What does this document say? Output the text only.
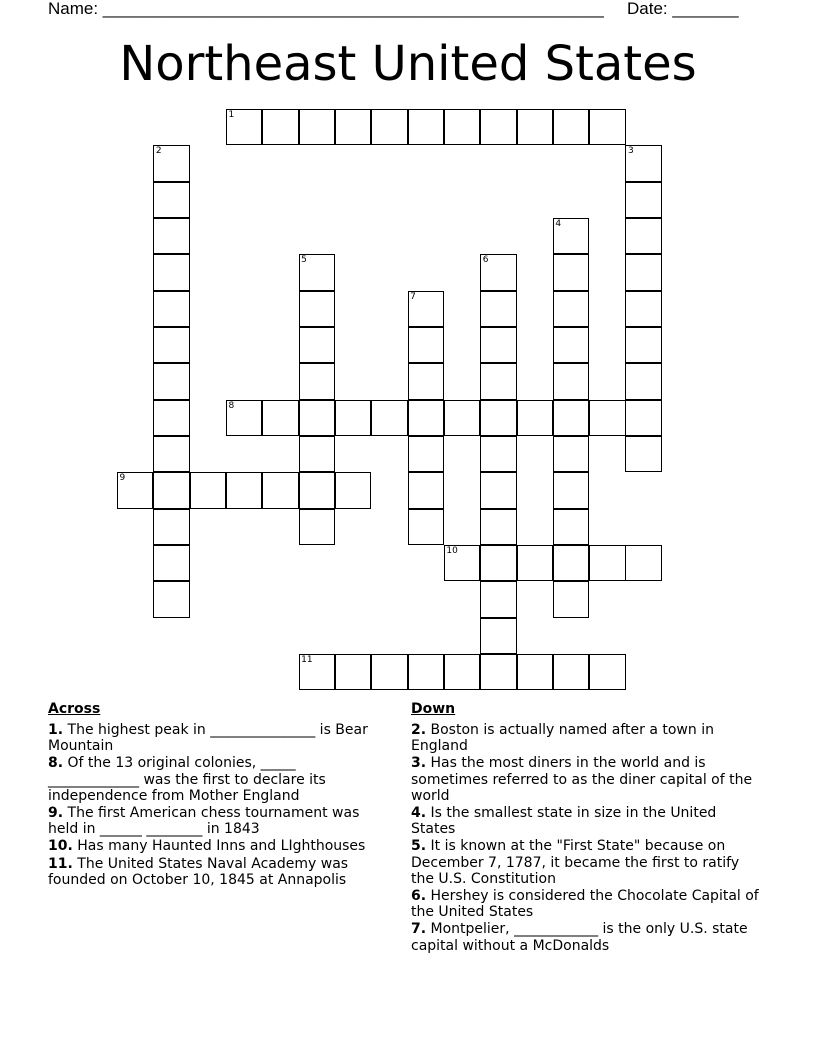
Name: _____________________________________________________ Date: _______
Northeast United States
1
2	3
4
5	6
7
8
9
10
11
Across
1. The highest peak in _______________ is Bear Mountain
8. Of the 13 original colonies, _____ _____________ was the first to declare its independence from Mother England
9. The first American chess tournament was held in ______ ________ in 1843
10. Has many Haunted Inns and LIghthouses
11. The United States Naval Academy was founded on October 10, 1845 at Annapolis
Down
2. Boston is actually named after a town in England
3. Has the most diners in the world and is sometimes referred to as the diner capital of the world
4. Is the smallest state in size in the United States
5. It is known at the "First State" because on December 7, 1787, it became the first to ratify the U.S. Constitution
6. Hershey is considered the Chocolate Capital of the United States
7. Montpelier, ____________ is the only U.S. state capital without a McDonalds
